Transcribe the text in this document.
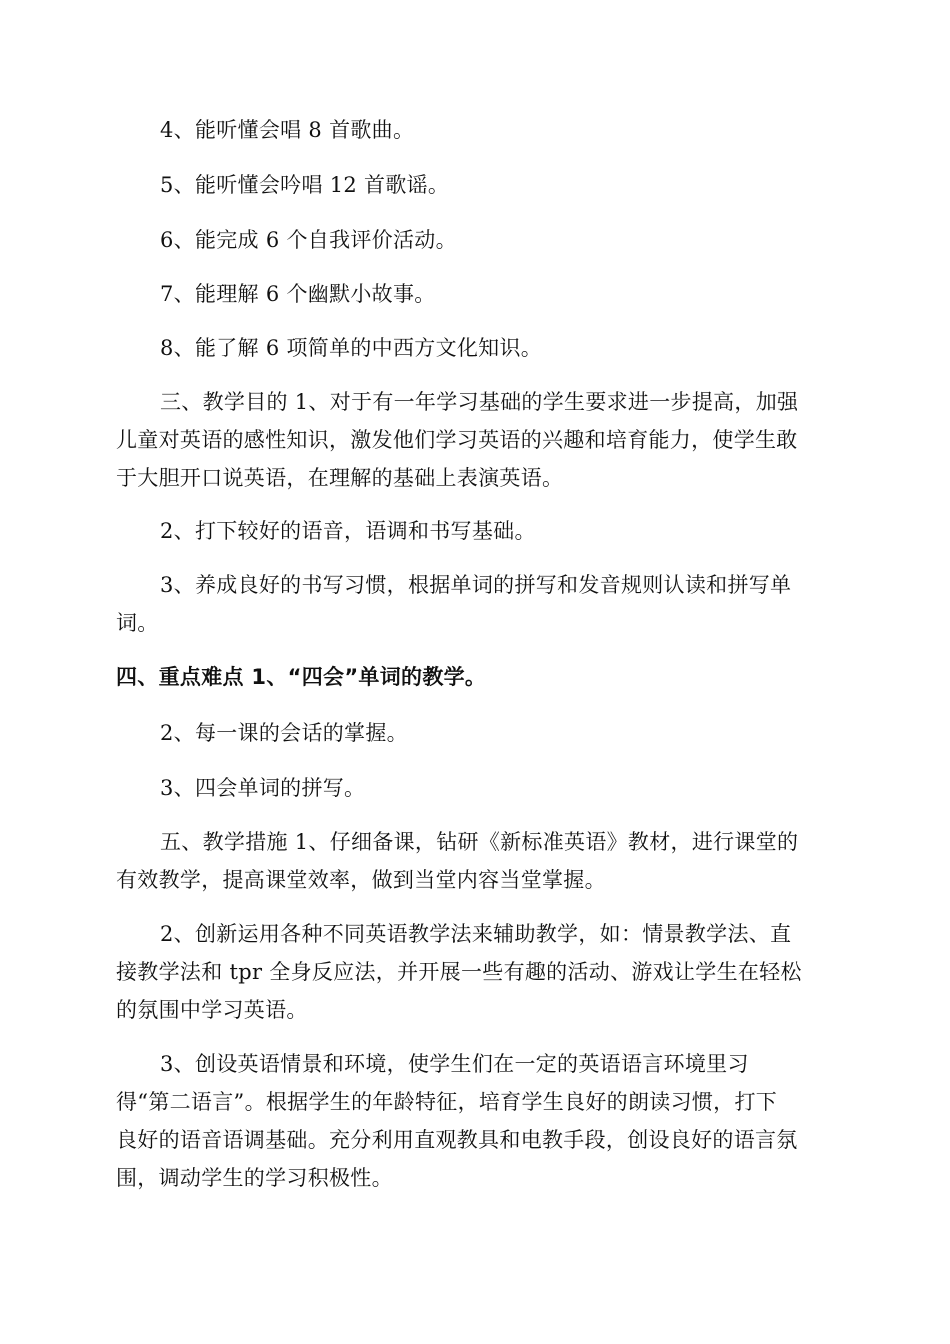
4、能听懂会唱 8 首歌曲。
5、能听懂会吟唱 12 首歌谣。
6、能完成 6 个自我评价活动。
7、能理解 6 个幽默小故事。
8、能了解 6 项简单的中西方文化知识。
三、教学目的 1、对于有一年学习基础的学生要求进一步提高，加强
儿童对英语的感性知识，激发他们学习英语的兴趣和培育能力，使学生敢
于大胆开口说英语，在理解的基础上表演英语。
2、打下较好的语音，语调和书写基础。
3、养成良好的书写习惯，根据单词的拼写和发音规则认读和拼写单
词。
四、重点难点 1、“四会”单词的教学。
2、每一课的会话的掌握。
3、四会单词的拼写。
五、教学措施 1、仔细备课，钻研《新标准英语》教材，进行课堂的
有效教学，提高课堂效率，做到当堂内容当堂掌握。
2、创新运用各种不同英语教学法来辅助教学，如：情景教学法、直
接教学法和 tpr 全身反应法，并开展一些有趣的活动、游戏让学生在轻松
的氛围中学习英语。
3、创设英语情景和环境，使学生们在一定的英语语言环境里习
得“第二语言”。根据学生的年龄特征，培育学生良好的朗读习惯，打下
良好的语音语调基础。充分利用直观教具和电教手段，创设良好的语言氛
围，调动学生的学习积极性。
